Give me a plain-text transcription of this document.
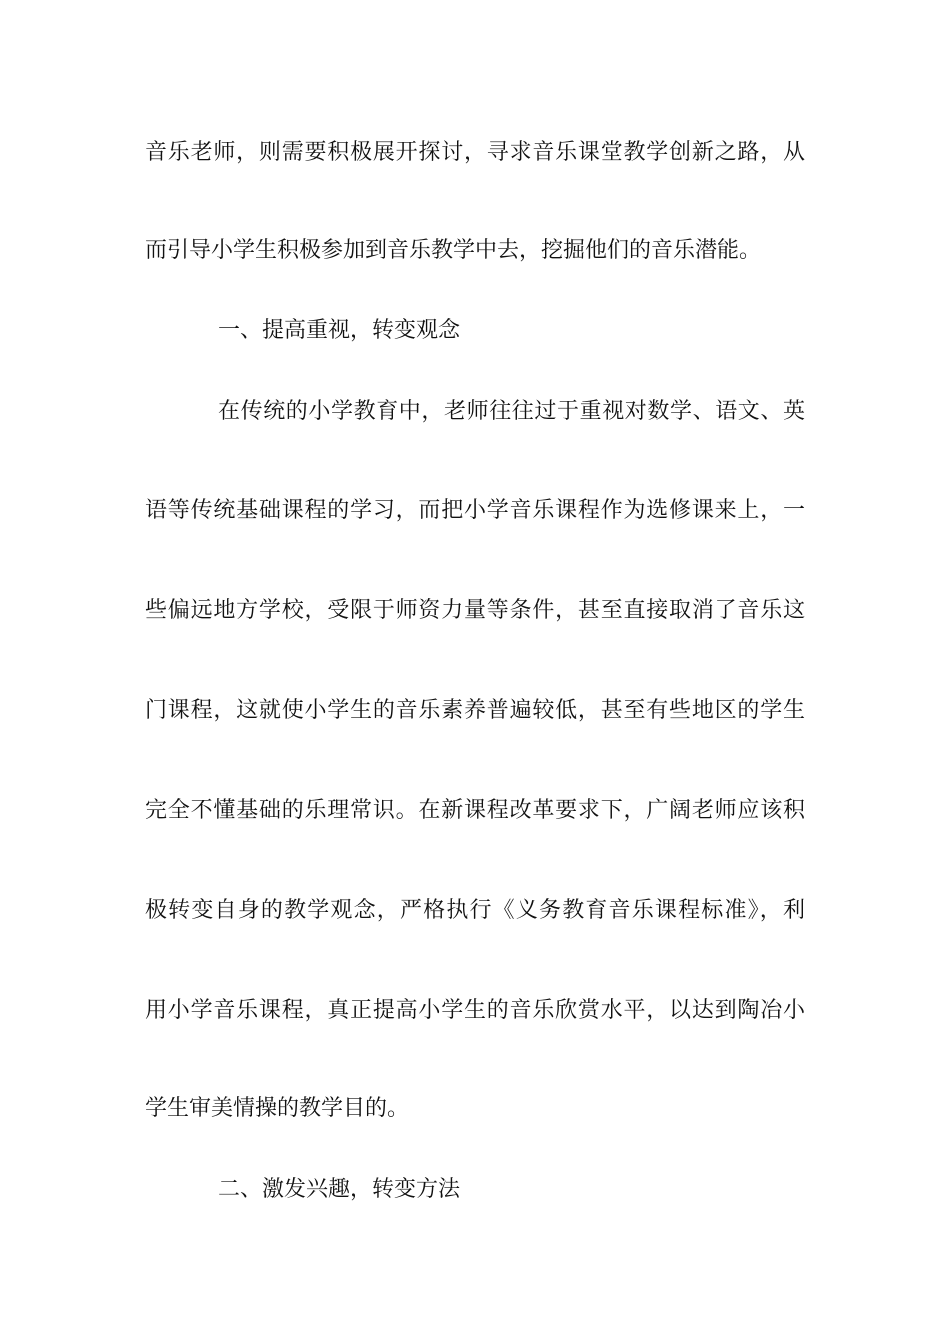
音乐老师，则需要积极展开探讨，寻求音乐课堂教学创新之路，从
而引导小学生积极参加到音乐教学中去，挖掘他们的音乐潜能。
一、提高重视，转变观念
在传统的小学教育中，老师往往过于重视对数学、语文、英
语等传统基础课程的学习，而把小学音乐课程作为选修课来上，一
些偏远地方学校，受限于师资力量等条件，甚至直接取消了音乐这
门课程，这就使小学生的音乐素养普遍较低，甚至有些地区的学生
完全不懂基础的乐理常识。在新课程改革要求下，广阔老师应该积
极转变自身的教学观念，严格执行《义务教育音乐课程标准》，利
用小学音乐课程，真正提高小学生的音乐欣赏水平，以达到陶冶小
学生审美情操的教学目的。
二、激发兴趣，转变方法
